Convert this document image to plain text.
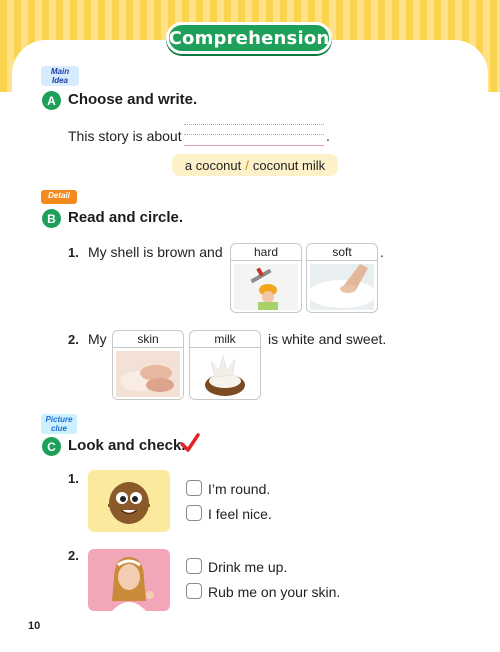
Comprehension
Main Idea
A Choose and write.
This story is about	.
a coconut / coconut milk
Detail
B Read and circle.
1. My shell is brown and	hard	soft	.
2. My	skin	milk	is white and sweet.
Picture clue
C Look and check.
1.
I’m round.
I feel nice.
2.
Drink me up.
Rub me on your skin.
10
